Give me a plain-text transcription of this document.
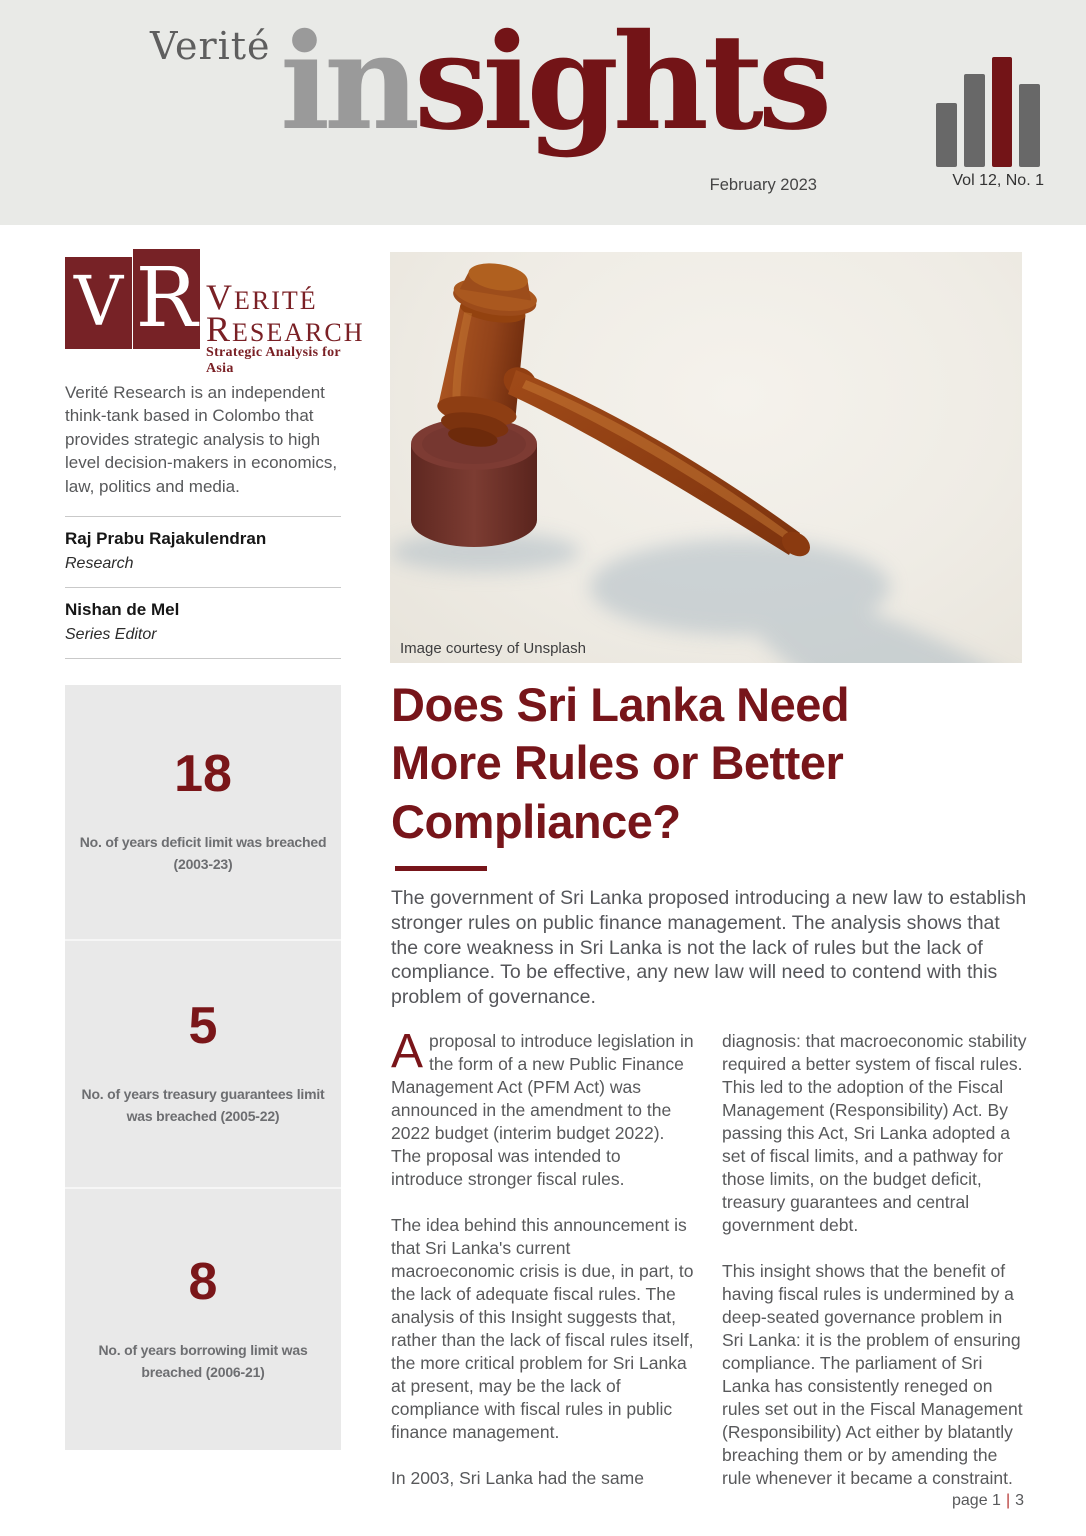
Verité insights
February 2023	Vol 12, No. 1
V R VERITÉ
RESEARCH
Strategic Analysis for Asia
Verité Research is an independent think-tank based in Colombo that provides strategic analysis to high level decision-makers in economics, law, politics and media.
Raj Prabu Rajakulendran
Research
Nishan de Mel
Series Editor
18
No. of years deficit limit was breached (2003-23)
5
No. of years treasury guarantees limit was breached (2005-22)
8
No. of years borrowing limit was breached (2006-21)
Image courtesy of Unsplash
Does Sri Lanka Need More Rules or Better Compliance?
The government of Sri Lanka proposed introducing a new law to establish stronger rules on public finance management. The analysis shows that the core weakness in Sri Lanka is not the lack of rules but the lack of compliance. To be effective, any new law will need to contend with this problem of governance.

Aproposal to introduce legislation in the form of a new Public Finance Management Act (PFM Act) was announced in the amendment to the 2022 budget (interim budget 2022). The proposal was intended to introduce stronger fiscal rules.

The idea behind this announcement is that Sri Lanka's current macroeconomic crisis is due, in part, to the lack of adequate fiscal rules. The analysis of this Insight suggests that, rather than the lack of fiscal rules itself, the more critical problem for Sri Lanka at present, may be the lack of compliance with fiscal rules in public finance management.

In 2003, Sri Lanka had the same

diagnosis: that macroeconomic stability required a better system of fiscal rules. This led to the adoption of the Fiscal Management (Responsibility) Act. By passing this Act, Sri Lanka adopted a set of fiscal limits, and a pathway for those limits, on the budget deficit, treasury guarantees and central government debt.

This insight shows that the benefit of having fiscal rules is undermined by a deep-seated governance problem in Sri Lanka: it is the problem of ensuring compliance. The parliament of Sri Lanka has consistently reneged on rules set out in the Fiscal Management (Responsibility) Act either by blatantly breaching them or by amending the rule whenever it became a constraint.

page 1 | 3
